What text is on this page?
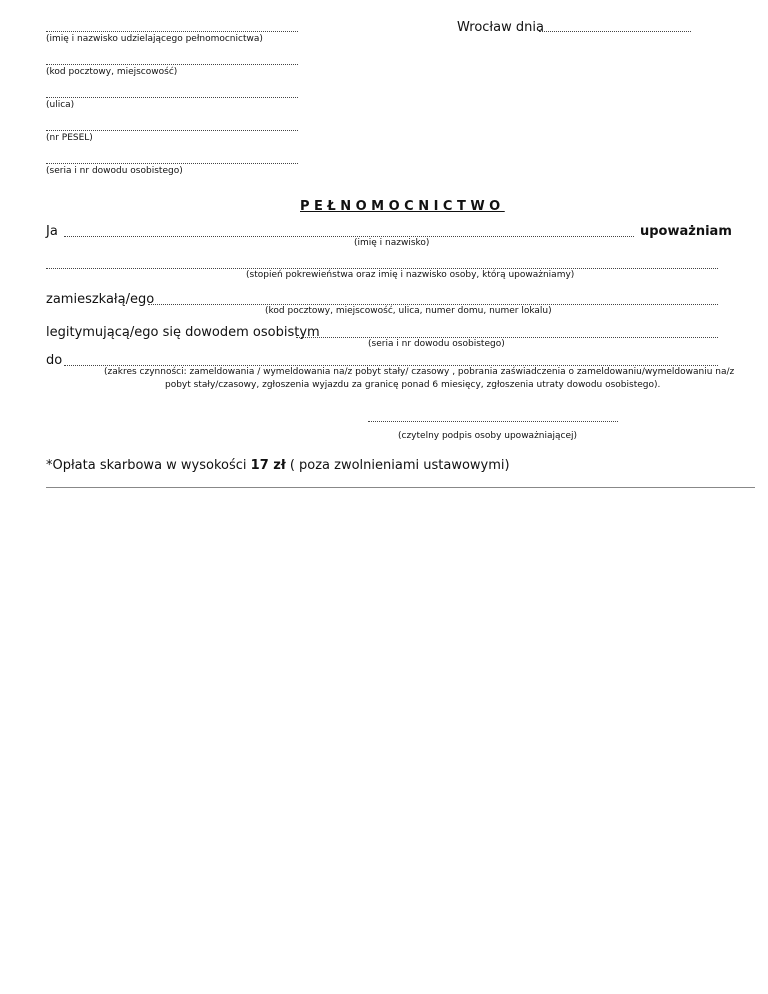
(imię i nazwisko udzielającego pełnomocnictwa)
(kod pocztowy, miejscowość)
(ulica)
(nr PESEL)
(seria i nr dowodu osobistego)
Wrocław dnia
PEŁNOMOCNICTWO
Ja	upoważniam
(imię i nazwisko)
(stopień pokrewieństwa oraz imię i nazwisko osoby, którą upoważniamy)
zamieszkałą/ego
(kod pocztowy, miejscowość, ulica, numer domu, numer lokalu)
legitymującą/ego się dowodem osobistym
(seria i nr dowodu osobistego)
do
(zakres czynności: zameldowania / wymeldowania na/z pobyt stały/ czasowy , pobrania zaświadczenia o zameldowaniu/wymeldowaniu na/z
pobyt stały/czasowy, zgłoszenia wyjazdu za granicę ponad 6 miesięcy, zgłoszenia utraty dowodu osobistego).
(czytelny podpis osoby upoważniającej)
*Opłata skarbowa w wysokości 17 zł ( poza zwolnieniami ustawowymi)
